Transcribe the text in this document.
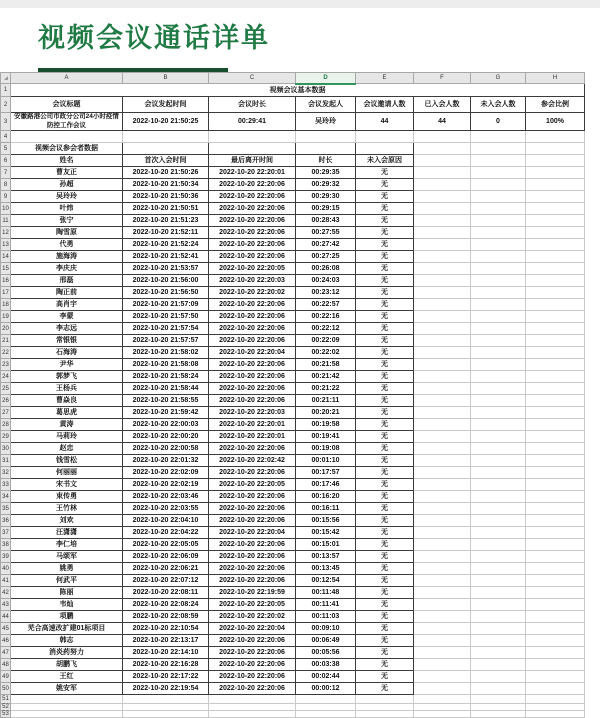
视频会议通话详单
	A	B	C	D	E	F	G	H
1	视频会议基本数据							
2	会议标题	会议发起时间	会议时长	会议发起人	会议邀请人数	已入会人数	未入会人数	参会比例
3	安徽路港公司市政分公司24小时疫情防控工作会议	2022-10-20 21:50:25	00:29:41	吴玲玲	44	44	0	100%
4								
5	视频会议参会者数据							
6	姓名	首次入会时间	最后离开时间	时长	未入会原因			
7	曹友正	2022-10-20 21:50:26	2022-10-20 22:20:01	00:29:35	无			
8	孙超	2022-10-20 21:50:34	2022-10-20 22:20:06	00:29:32	无			
9	吴玲玲	2022-10-20 21:50:36	2022-10-20 22:20:06	00:29:30	无			
10	叶炜	2022-10-20 21:50:51	2022-10-20 22:20:06	00:29:15	无			
11	张宁	2022-10-20 21:51:23	2022-10-20 22:20:06	00:28:43	无			
12	陶雪原	2022-10-20 21:52:11	2022-10-20 22:20:06	00:27:55	无			
13	代勇	2022-10-20 21:52:24	2022-10-20 22:20:06	00:27:42	无			
14	施海涛	2022-10-20 21:52:41	2022-10-20 22:20:06	00:27:25	无			
15	李庆庆	2022-10-20 21:53:57	2022-10-20 22:20:05	00:26:08	无			
16	邢磊	2022-10-20 21:56:00	2022-10-20 22:20:03	00:24:03	无			
17	陶正前	2022-10-20 21:56:50	2022-10-20 22:20:02	00:23:12	无			
18	高肖宇	2022-10-20 21:57:09	2022-10-20 22:20:06	00:22:57	无			
19	李蒙	2022-10-20 21:57:50	2022-10-20 22:20:06	00:22:16	无			
20	李志远	2022-10-20 21:57:54	2022-10-20 22:20:06	00:22:12	无			
21	常银银	2022-10-20 21:57:57	2022-10-20 22:20:06	00:22:09	无			
22	石海涛	2022-10-20 21:58:02	2022-10-20 22:20:04	00:22:02	无			
23	尹华	2022-10-20 21:58:08	2022-10-20 22:20:06	00:21:58	无			
24	郭梦飞	2022-10-20 21:58:24	2022-10-20 22:20:06	00:21:42	无			
25	王杨兵	2022-10-20 21:58:44	2022-10-20 22:20:06	00:21:22	无			
26	曹焱良	2022-10-20 21:58:55	2022-10-20 22:20:06	00:21:11	无			
27	葛思虎	2022-10-20 21:59:42	2022-10-20 22:20:03	00:20:21	无			
28	黄涛	2022-10-20 22:00:03	2022-10-20 22:20:01	00:19:58	无			
29	马莉玲	2022-10-20 22:00:20	2022-10-20 22:20:01	00:19:41	无			
30	赵忠	2022-10-20 22:00:58	2022-10-20 22:20:06	00:19:08	无			
31	钱雪松	2022-10-20 22:01:32	2022-10-20 22:02:42	00:01:10	无			
32	何丽丽	2022-10-20 22:02:09	2022-10-20 22:20:06	00:17:57	无			
33	宋书文	2022-10-20 22:02:19	2022-10-20 22:20:05	00:17:46	无			
34	束传勇	2022-10-20 22:03:46	2022-10-20 22:20:06	00:16:20	无			
35	王竹林	2022-10-20 22:03:55	2022-10-20 22:20:06	00:16:11	无			
36	刘欢	2022-10-20 22:04:10	2022-10-20 22:20:06	00:15:56	无			
37	汪潇潇	2022-10-20 22:04:22	2022-10-20 22:20:04	00:15:42	无			
38	李仁培	2022-10-20 22:05:05	2022-10-20 22:20:06	00:15:01	无			
39	马颂军	2022-10-20 22:06:09	2022-10-20 22:20:06	00:13:57	无			
40	姚勇	2022-10-20 22:06:21	2022-10-20 22:20:06	00:13:45	无			
41	何武平	2022-10-20 22:07:12	2022-10-20 22:20:06	00:12:54	无			
42	陈丽	2022-10-20 22:08:11	2022-10-20 22:19:59	00:11:48	无			
43	韦灿	2022-10-20 22:08:24	2022-10-20 22:20:05	00:11:41	无			
44	项鹏	2022-10-20 22:08:59	2022-10-20 22:20:02	00:11:03	无			
45	芜合高速改扩建01标项目	2022-10-20 22:10:54	2022-10-20 22:20:04	00:09:10	无			
46	韩志	2022-10-20 22:13:17	2022-10-20 22:20:06	00:06:49	无			
47	消炎药努力	2022-10-20 22:14:10	2022-10-20 22:20:06	00:05:56	无			
48	胡鹏飞	2022-10-20 22:16:28	2022-10-20 22:20:06	00:03:38	无			
49	王红	2022-10-20 22:17:22	2022-10-20 22:20:06	00:02:44	无			
50	姚安军	2022-10-20 22:19:54	2022-10-20 22:20:06	00:00:12	无			
51								
52								
53								
